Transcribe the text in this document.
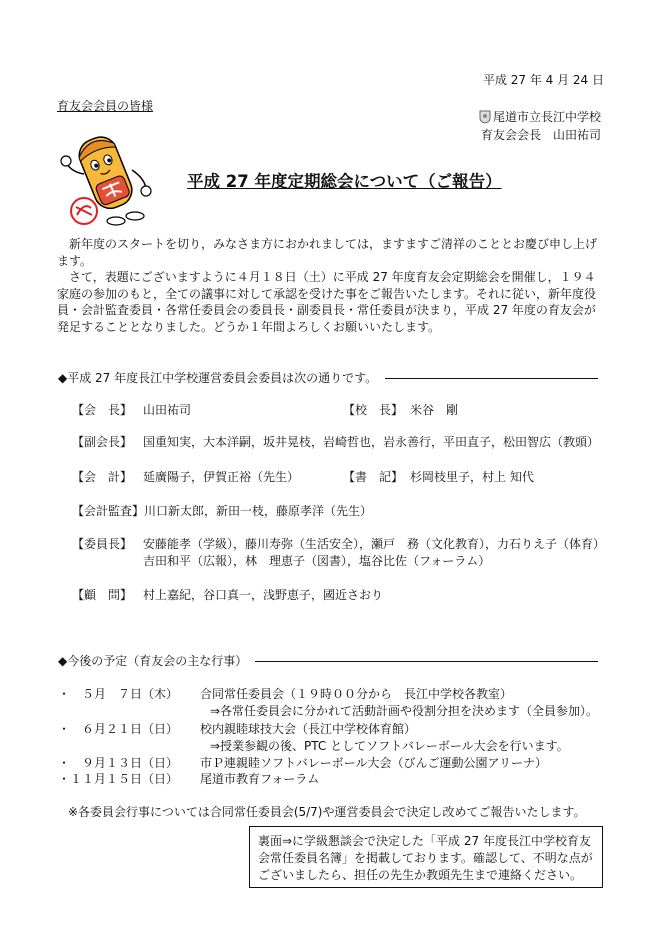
平成 27 年 4 月 24 日
育友会会員の皆様
尾道市立長江中学校
育友会会長　山田祐司
平成 27 年度定期総会について（ご報告）
　新年度のスタートを切り，みなさま方におかれましては，ますますご清祥のこととお慶び申し上げ
ます。
　さて，表題にございますように４月１８日（土）に平成 27 年度育友会定期総会を開催し，１９４
家庭の参加のもと，全ての議事に対して承認を受けた事をご報告いたします。それに従い，新年度役
員・会計監査委員・各常任委員会の委員長・副委員長・常任委員が決まり，平成 27 年度の育友会が
発足することとなりました。どうか１年間よろしくお願いいたします。
◆平成 27 年度長江中学校運営委員会委員は次の通りです。
【会　長】 山田祐司	【校　長】 米谷　剛
【副会長】 国重知実，大本洋嗣，坂井晃枝，岩崎哲也，岩永善行，平田直子，松田智広（教頭）
【会　計】 延廣陽子，伊賀正裕（先生）	【書　記】 杉岡枝里子，村上 知代
【会計監査】川口新太郎，新田一枝，藤原孝洋（先生）
【委員長】 安藤能孝（学級），藤川寿弥（生活安全），瀬戸　務（文化教育），力石りえ子（体育）
吉田和平（広報），林　理恵子（図書），塩谷比佐（フォーラム）
【顧　問】 村上嘉紀，谷口真一，浅野恵子，國近さおり
◆今後の予定（育友会の主な行事）
・　５月　７日（木） 合同常任委員会（１９時００分から　長江中学校各教室）
⇒各常任委員会に分かれて活動計画や役割分担を決めます（全員参加）。
・　６月２１日（日） 校内親睦球技大会（長江中学校体育館）
⇒授業参観の後、PTC としてソフトバレーボール大会を行います。
・　９月１３日（日） 市Ｐ連親睦ソフトバレーボール大会（びんご運動公園アリーナ）
・１１月１５日（日） 尾道市教育フォーラム
※各委員会行事については合同常任委員会(5/7)や運営委員会で決定し改めてご報告いたします。
裏面⇒に学級懇談会で決定した「平成 27 年度長江中学校育友
会常任委員名簿」を掲載しております。確認して、不明な点が
ございましたら、担任の先生か教頭先生まで連絡ください。
